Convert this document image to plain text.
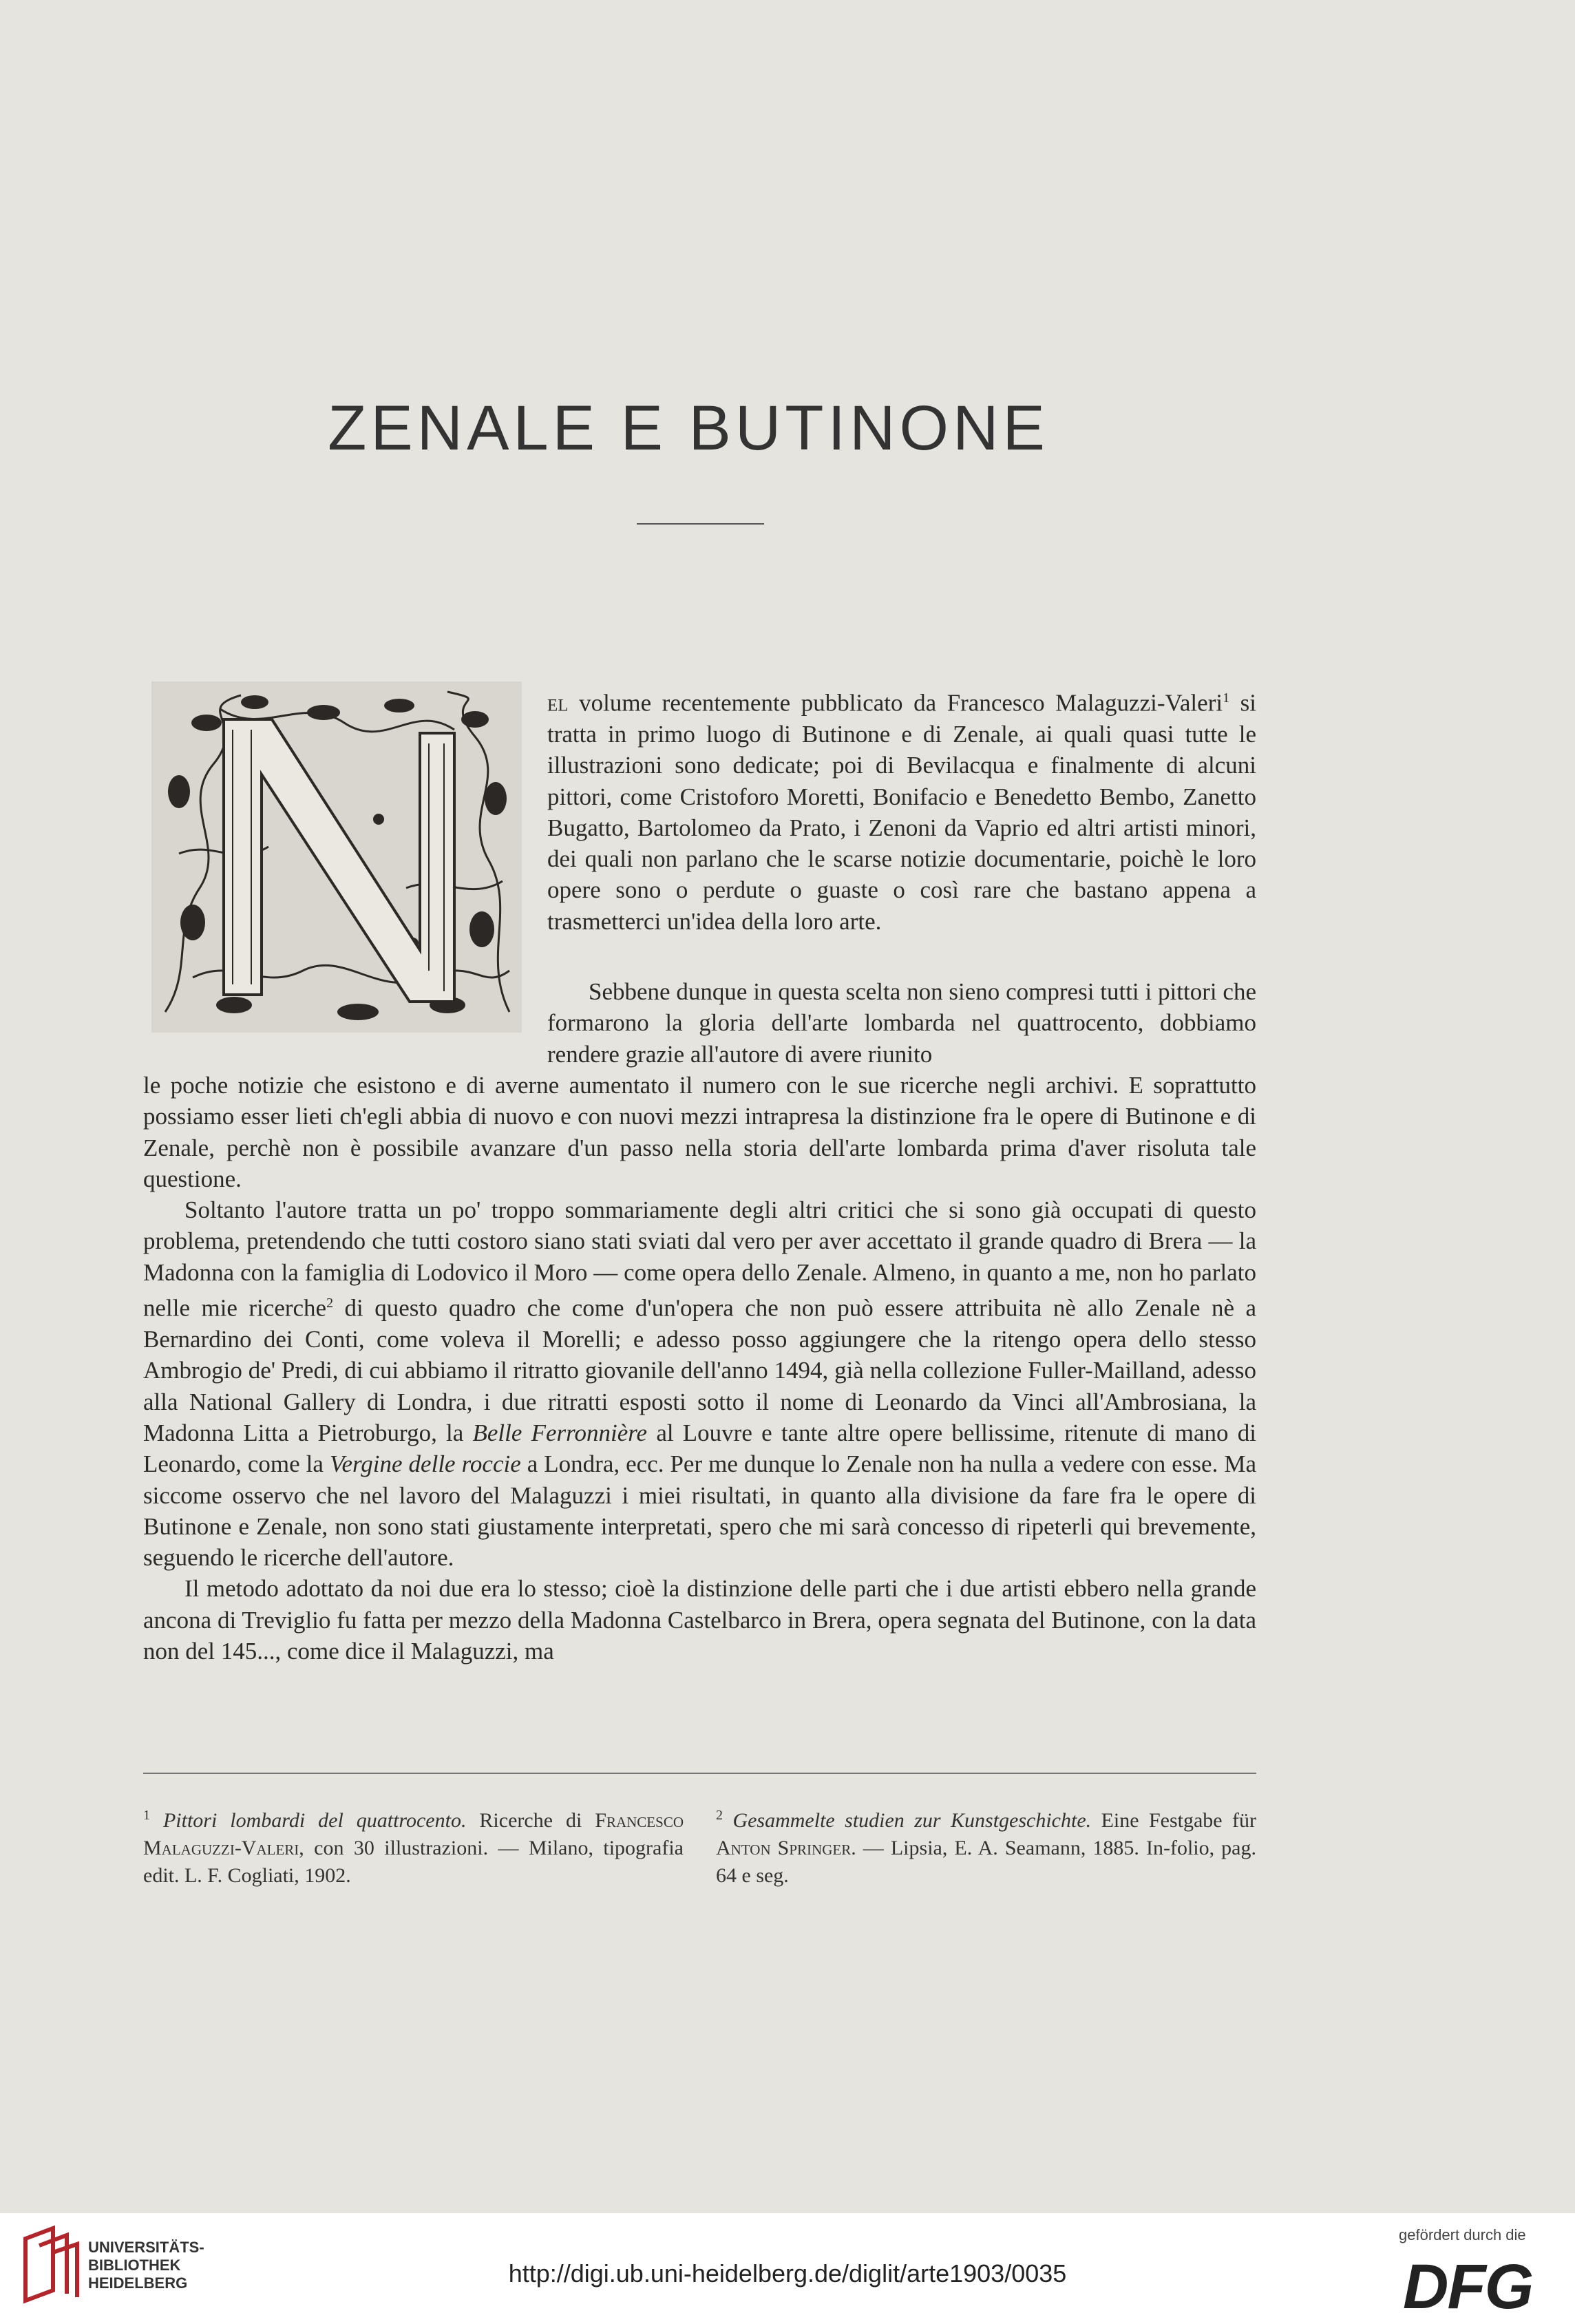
ZENALE E BUTINONE

el volume recentemente pubblicato da Francesco Malaguzzi-Valeri$^1$ si tratta in primo luogo di Butinone e di Zenale, ai quali quasi tutte le illustrazioni sono dedicate; poi di Bevilacqua e finalmente di alcuni pittori, come Cristoforo Moretti, Bonifacio e Benedetto Bembo, Zanetto Bugatto, Bartolomeo da Prato, i Zenoni da Vaprio ed altri artisti minori, dei quali non parlano che le scarse notizie documentarie, poichè le loro opere sono o perdute o guaste o così rare che bastano appena a trasmetterci un'idea della loro arte.

Sebbene dunque in questa scelta non sieno compresi tutti i pittori che formarono la gloria dell'arte lombarda nel quattrocento, dobbiamo rendere grazie all'autore di avere riunito

le poche notizie che esistono e di averne aumentato il numero con le sue ricerche negli archivi. E soprattutto possiamo esser lieti ch'egli abbia di nuovo e con nuovi mezzi intrapresa la distinzione fra le opere di Butinone e di Zenale, perchè non è possibile avanzare d'un passo nella storia dell'arte lombarda prima d'aver risoluta tale questione.

Soltanto l'autore tratta un po' troppo sommariamente degli altri critici che si sono già occupati di questo problema, pretendendo che tutti costoro siano stati sviati dal vero per aver accettato il grande quadro di Brera — la Madonna con la famiglia di Lodovico il Moro — come opera dello Zenale. Almeno, in quanto a me, non ho parlato nelle mie ricerche$^2$ di questo quadro che come d'un'opera che non può essere attribuita nè allo Zenale nè a Bernardino dei Conti, come voleva il Morelli; e adesso posso aggiungere che la ritengo opera dello stesso Ambrogio de' Predi, di cui abbiamo il ritratto giovanile dell'anno 1494, già nella collezione Fuller-Mailland, adesso alla National Gallery di Londra, i due ritratti esposti sotto il nome di Leonardo da Vinci all'Ambrosiana, la Madonna Litta a Pietroburgo, la Belle Ferronnière al Louvre e tante altre opere bellissime, ritenute di mano di Leonardo, come la Vergine delle roccie a Londra, ecc. Per me dunque lo Zenale non ha nulla a vedere con esse. Ma siccome osservo che nel lavoro del Malaguzzi i miei risultati, in quanto alla divisione da fare fra le opere di Butinone e Zenale, non sono stati giustamente interpretati, spero che mi sarà concesso di ripeterli qui brevemente, seguendo le ricerche dell'autore.

Il metodo adottato da noi due era lo stesso; cioè la distinzione delle parti che i due artisti ebbero nella grande ancona di Treviglio fu fatta per mezzo della Madonna Castelbarco in Brera, opera segnata del Butinone, con la data non del 145..., come dice il Malaguzzi, ma

$^1$ Pittori lombardi del quattrocento. Ricerche di Francesco Malaguzzi-Valeri, con 30 illustrazioni. — Milano, tipografia edit. L. F. Cogliati, 1902.
$^2$ Gesammelte studien zur Kunstgeschichte. Eine Festgabe für Anton Springer. — Lipsia, E. A. Seamann, 1885. In-folio, pag. 64 e seg.
UNIVERSITÄTS-
BIBLIOTHEK
HEIDELBERG	http://digi.ub.uni-heidelberg.de/diglit/arte1903/0035
gefördert durch die
DFG
